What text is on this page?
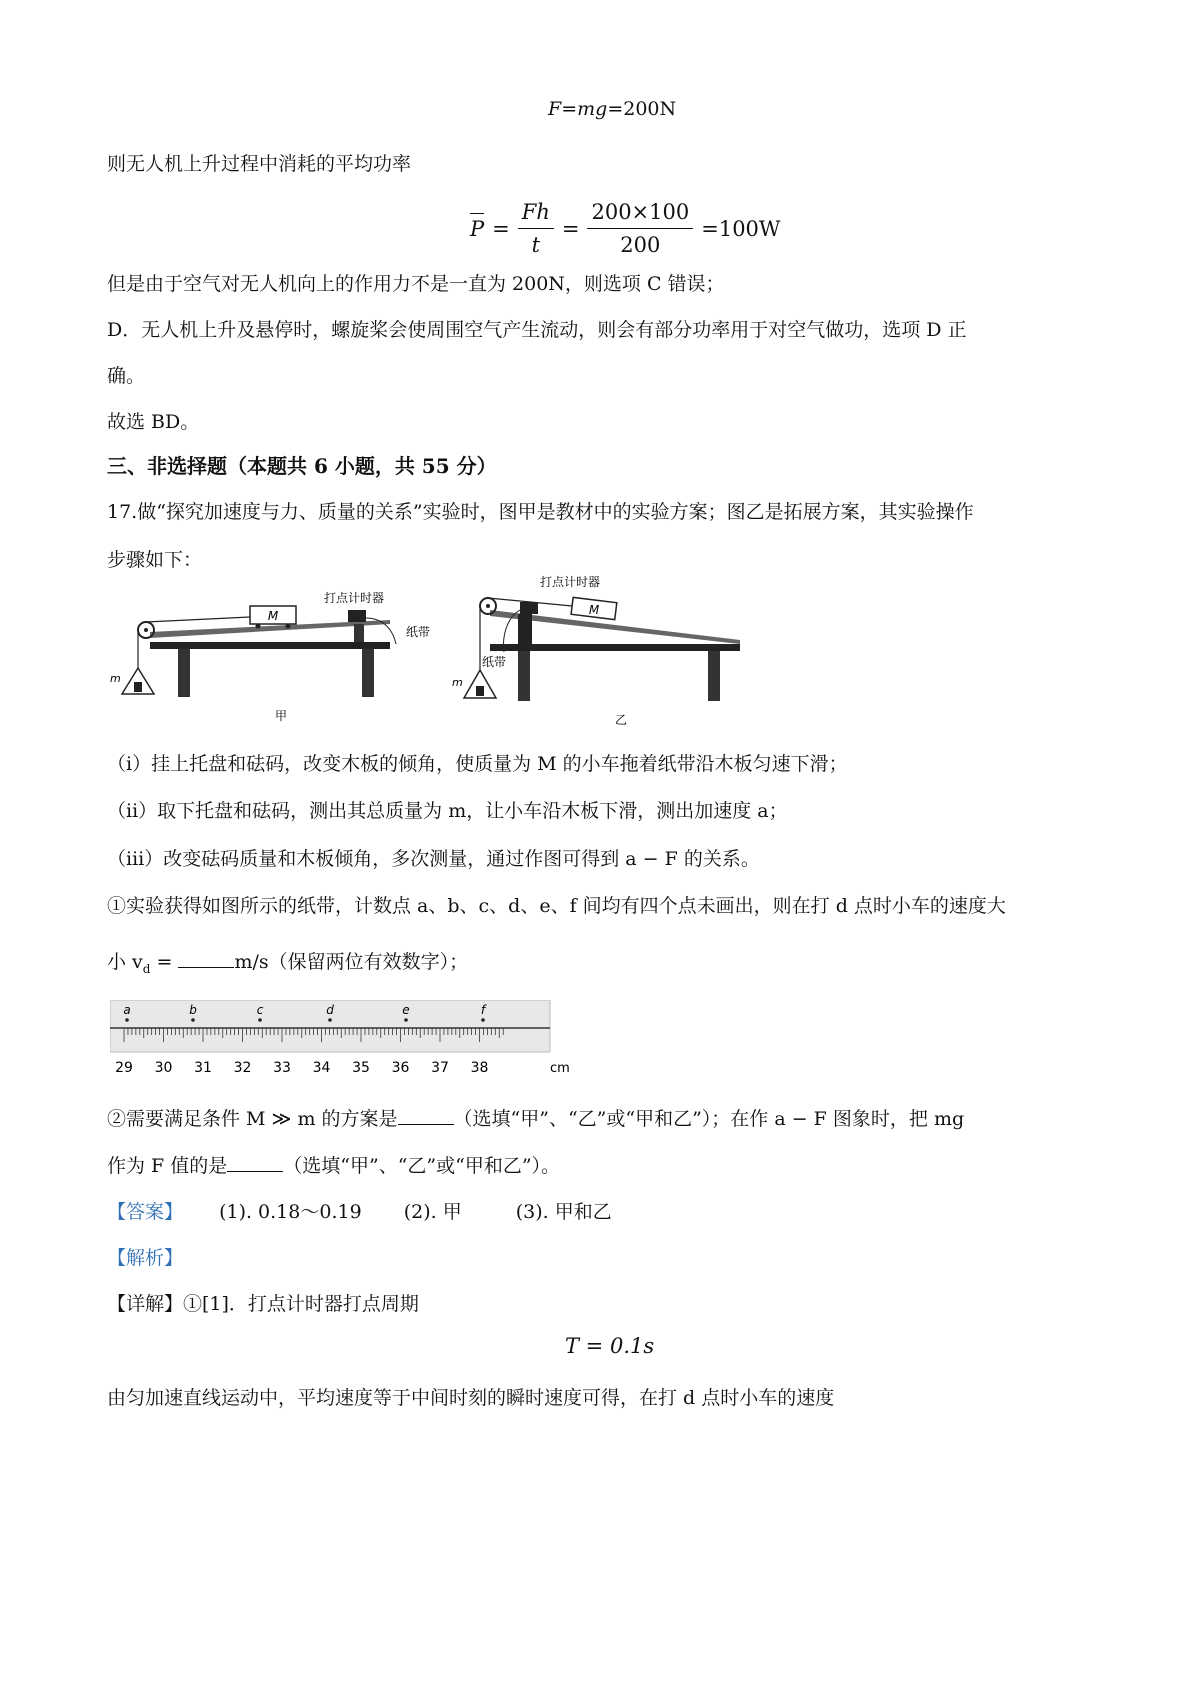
F=mg=200N
则无人机上升过程中消耗的平均功率
$P = \frac{Fh}{t} = \frac{200\times 100}{200} =100W$
但是由于空气对无人机向上的作用力不是一直为 200N，则选项 C 错误；
D．无人机上升及悬停时，螺旋桨会使周围空气产生流动，则会有部分功率用于对空气做功，选项 D 正
确。
故选 BD。
三、非选择题（本题共 6 小题，共 55 分）
17.做“探究加速度与力、质量的关系”实验时，图甲是教材中的实验方案；图乙是拓展方案，其实验操作
步骤如下：
M
打点计时器
纸带
m
甲
打点计时器
M
纸带
m
乙
（ⅰ）挂上托盘和砝码，改变木板的倾角，使质量为 M 的小车拖着纸带沿木板匀速下滑；
（ⅱ）取下托盘和砝码，测出其总质量为 m，让小车沿木板下滑，测出加速度 a；
（ⅲ）改变砝码质量和木板倾角，多次测量，通过作图可得到 a − F 的关系。
①实验获得如图所示的纸带，计数点 a、b、c、d、e、f 间均有四个点未画出，则在打 d 点时小车的速度大
小 $v_d$ =	m/s（保留两位有效数字）；
a	b	c	d	e	f
29 30 31 32 33 34 35 36 37 38	cm
②需要满足条件 M ≫ m 的方案是	（选填“甲”、“乙”或“甲和乙”）；在作 a − F 图象时，把 mg
作为 F 值的是	（选填“甲”、“乙”或“甲和乙”）。
【答案】 (1). 0.18～0.19 (2). 甲	(3). 甲和乙
【解析】
【详解】①[1]．打点计时器打点周期
T = 0.1s
由匀加速直线运动中，平均速度等于中间时刻的瞬时速度可得，在打 d 点时小车的速度
